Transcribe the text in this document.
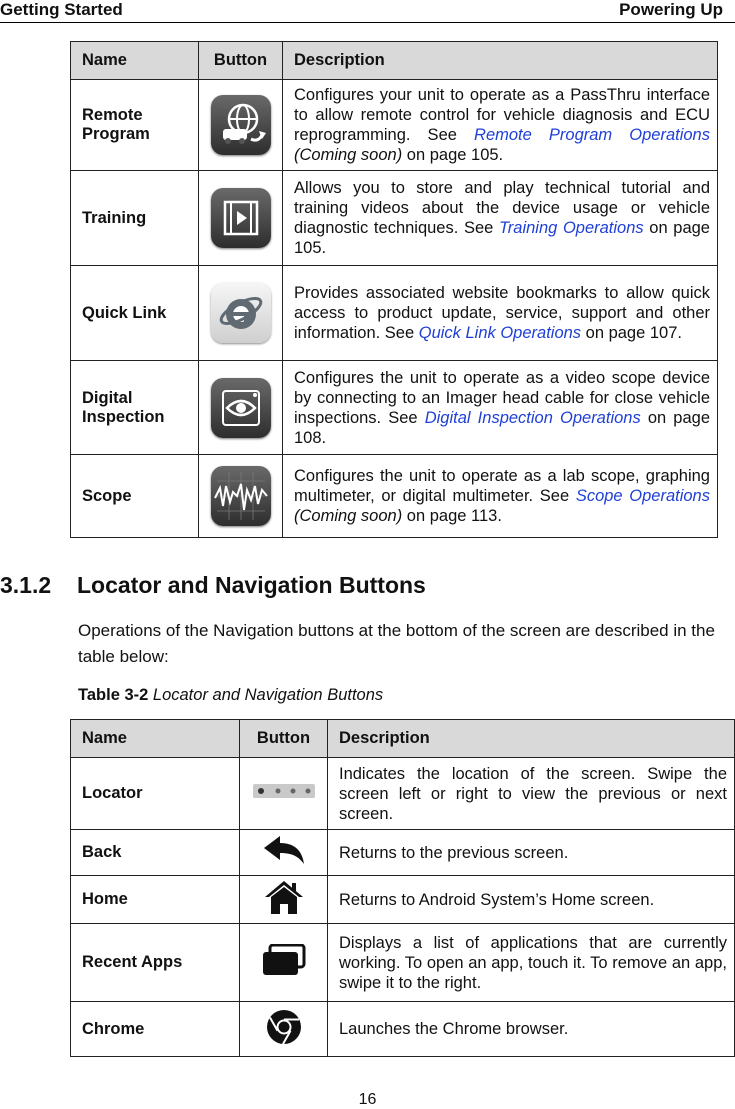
Getting Started	Powering Up
Name	Button	Description
Remote Program		Configures your unit to operate as a PassThru interface to allow remote control for vehicle diagnosis and ECU reprogramming. See Remote Program Operations (Coming soon) on page 105.
Training		Allows you to store and play technical tutorial and training videos about the device usage or vehicle diagnostic techniques. See Training Operations on page 105.
Quick Link		Provides associated website bookmarks to allow quick access to product update, service, support and other information. See Quick Link Operations on page 107.
Digital Inspection		Configures the unit to operate as a video scope device by connecting to an Imager head cable for close vehicle inspections. See Digital Inspection Operations on page 108.
Scope		Configures the unit to operate as a lab scope, graphing multimeter, or digital multimeter. See Scope Operations (Coming soon) on page 113.
3.1.2 Locator and Navigation Buttons
Operations of the Navigation buttons at the bottom of the screen are described in the table below:
Table 3-2 Locator and Navigation Buttons
Name	Button	Description
Locator		Indicates the location of the screen. Swipe the screen left or right to view the previous or next screen.
Back		Returns to the previous screen.
Home		Returns to Android System’s Home screen.
Recent Apps		Displays a list of applications that are currently working. To open an app, touch it. To remove an app, swipe it to the right.
Chrome		Launches the Chrome browser.
16
